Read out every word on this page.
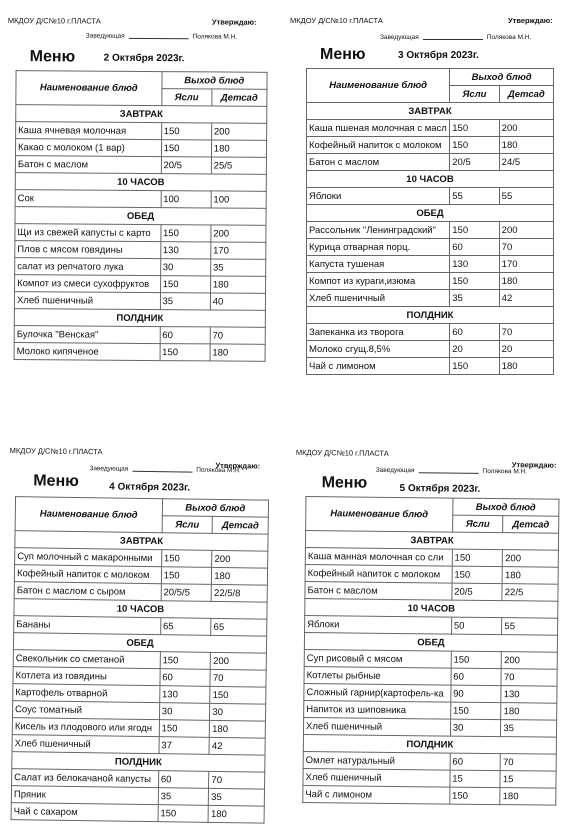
МКДОУ Д/С№10 г.ПЛАСТА	Утверждаю:
Заведующая	Полякова М.Н.
Меню	2 Октября 2023г.
Наименование блюд	Выход блюд	
	Ясли	Детсад
ЗАВТРАК		
Каша ячневая молочная	150	200
Какао с молоком (1 вар)	150	180
Батон с маслом	20/5	25/5
10 ЧАСОВ		
Сок	100	100
ОБЕД		
Щи из свежей капусты с карто	150	200
Плов с мясом говядины	130	170
салат из репчатого лука	30	35
Компот из смеси сухофруктов	150	180
Хлеб пшеничный	35	40
ПОЛДНИК		
Булочка "Венская"	60	70
Молоко кипяченое	150	180
МКДОУ Д/С№10 г.ПЛАСТА	Утверждаю:
Заведующая	Полякова М.Н.
Меню	3 Октября 2023г.
Наименование блюд	Выход блюд	
	Ясли	Детсад
ЗАВТРАК		
Каша пшеная молочная с масл	150	200
Кофейный напиток с молоком	150	180
Батон с маслом	20/5	24/5
10 ЧАСОВ		
Яблоки	55	55
ОБЕД		
Рассольник "Ленинградский"	150	200
Курица отварная порц.	60	70
Капуста тушеная	130	170
Компот из кураги,изюма	150	180
Хлеб пшеничный	35	42
ПОЛДНИК		
Запеканка из творога	60	70
Молоко сгущ.8,5%	20	20
Чай с лимоном	150	180
МКДОУ Д/С№10 г.ПЛАСТА
Утверждаю:
Заведующая	Полякова М.Н.
Меню	4 Октября 2023г.
Наименование блюд	Выход блюд	
	Ясли	Детсад
ЗАВТРАК		
Суп молочный с макаронными	150	200
Кофейный напиток с молоком	150	180
Батон с маслом с сыром	20/5/5	22/5/8
10 ЧАСОВ		
Бананы	65	65
ОБЕД		
Свекольник со сметаной	150	200
Котлета из говядины	60	70
Картофель отварной	130	150
Соус томатный	30	30
Кисель из плодового или ягодн	150	180
Хлеб пшеничный	37	42
ПОЛДНИК		
Салат из белокачаной капусты	60	70
Пряник	35	35
Чай с сахаром	150	180
МКДОУ Д/С№10 г.ПЛАСТА
Утверждаю:
Заведующая	Полякова М.Н.
Меню	5 Октября 2023г.
Наименование блюд	Выход блюд	
	Ясли	Детсад
ЗАВТРАК		
Каша манная молочная со сли	150	200
Кофейный напиток с молоком	150	180
Батон с маслом	20/5	22/5
10 ЧАСОВ		
Яблоки	50	55
ОБЕД		
Суп рисовый с мясом	150	200
Котлеты рыбные	60	70
Сложный гарнир(картофель-ка	90	130
Напиток из шиповника	150	180
Хлеб пшеничный	30	35
ПОЛДНИК		
Омлет натуральный	60	70
Хлеб пшеничный	15	15
Чай с лимоном	150	180
